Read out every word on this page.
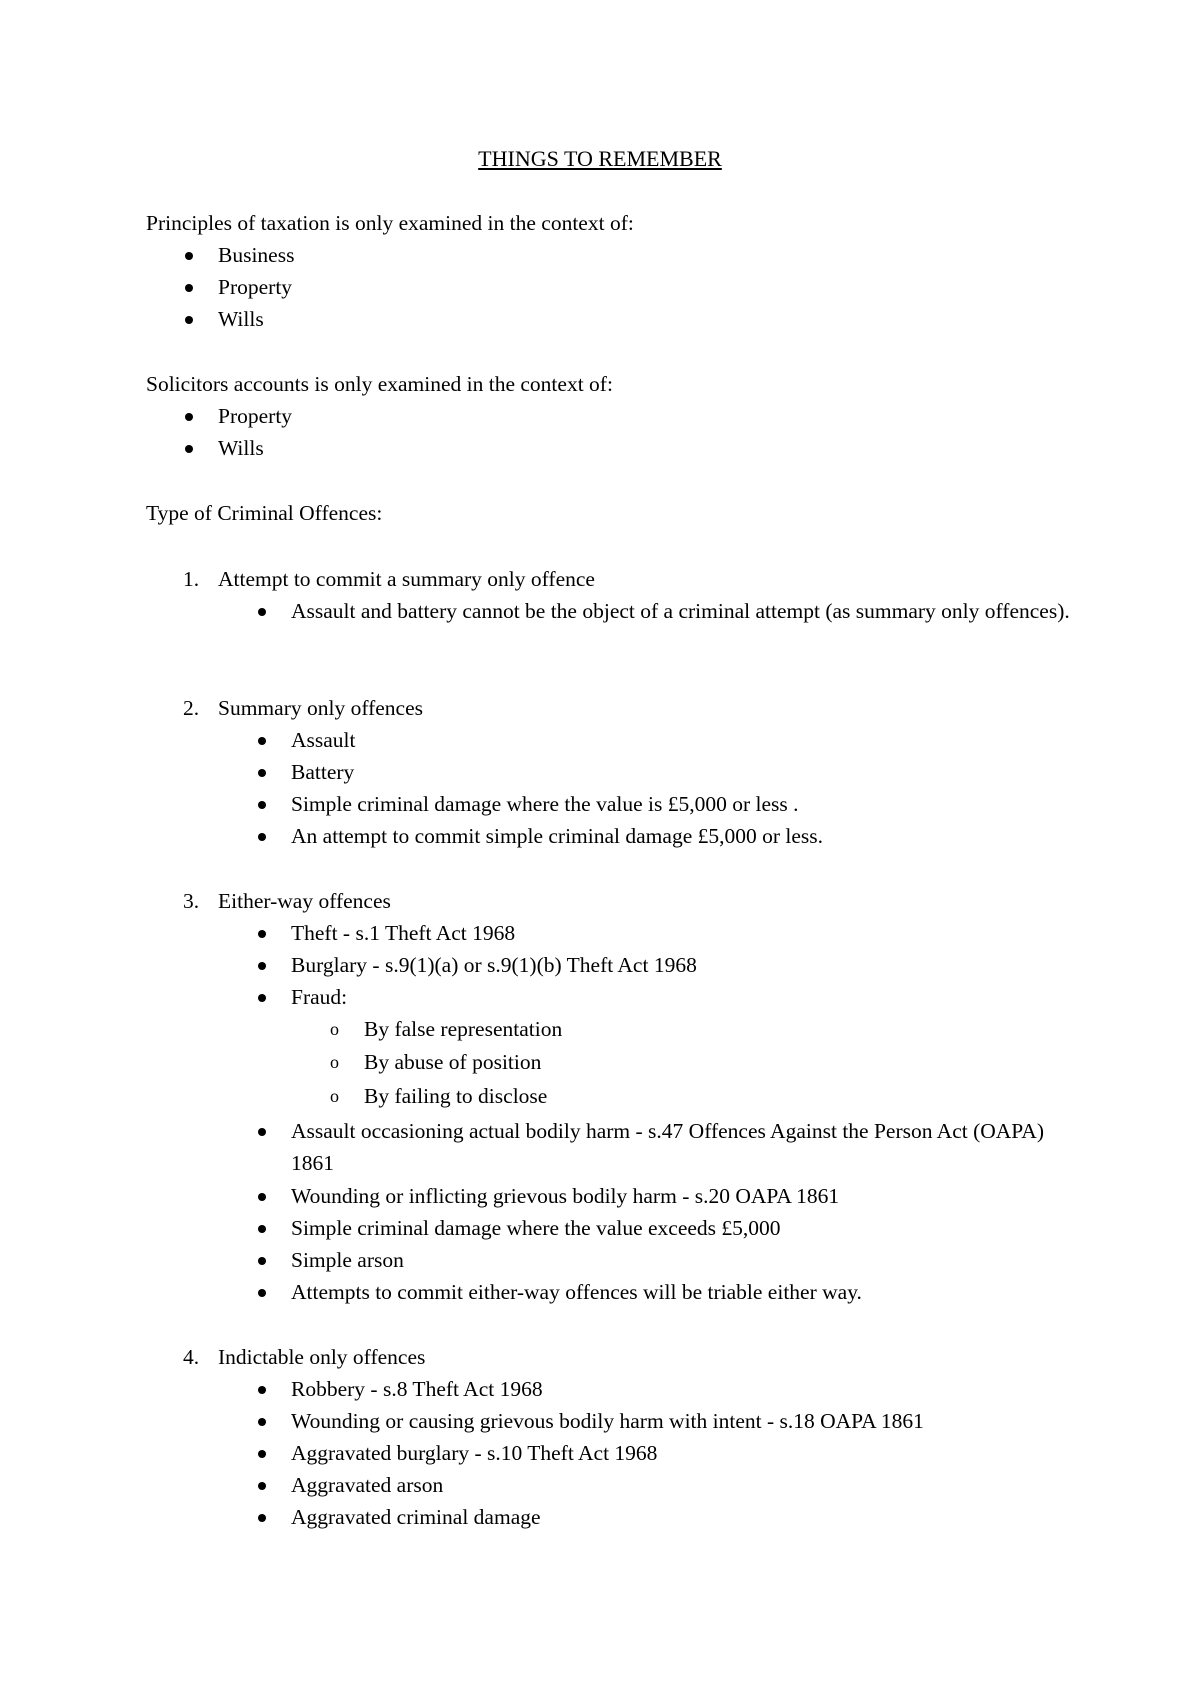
THINGS TO REMEMBER
Principles of taxation is only examined in the context of:
Business
Property
Wills
Solicitors accounts is only examined in the context of:
Property
Wills
Type of Criminal Offences:
1. Attempt to commit a summary only offence
Assault and battery cannot be the object of a criminal attempt (as summary only offences).
2. Summary only offences
Assault
Battery
Simple criminal damage where the value is £5,000 or less .
An attempt to commit simple criminal damage £5,000 or less.
3. Either-way offences
Theft - s.1 Theft Act 1968
Burglary - s.9(1)(a) or s.9(1)(b) Theft Act 1968
Fraud:
o By false representation
o By abuse of position
o By failing to disclose
Assault occasioning actual bodily harm - s.47 Offences Against the Person Act (OAPA) 1861
Wounding or inflicting grievous bodily harm - s.20 OAPA 1861
Simple criminal damage where the value exceeds £5,000
Simple arson
Attempts to commit either-way offences will be triable either way.
4. Indictable only offences
Robbery - s.8 Theft Act 1968
Wounding or causing grievous bodily harm with intent - s.18 OAPA 1861
Aggravated burglary - s.10 Theft Act 1968
Aggravated arson
Aggravated criminal damage
